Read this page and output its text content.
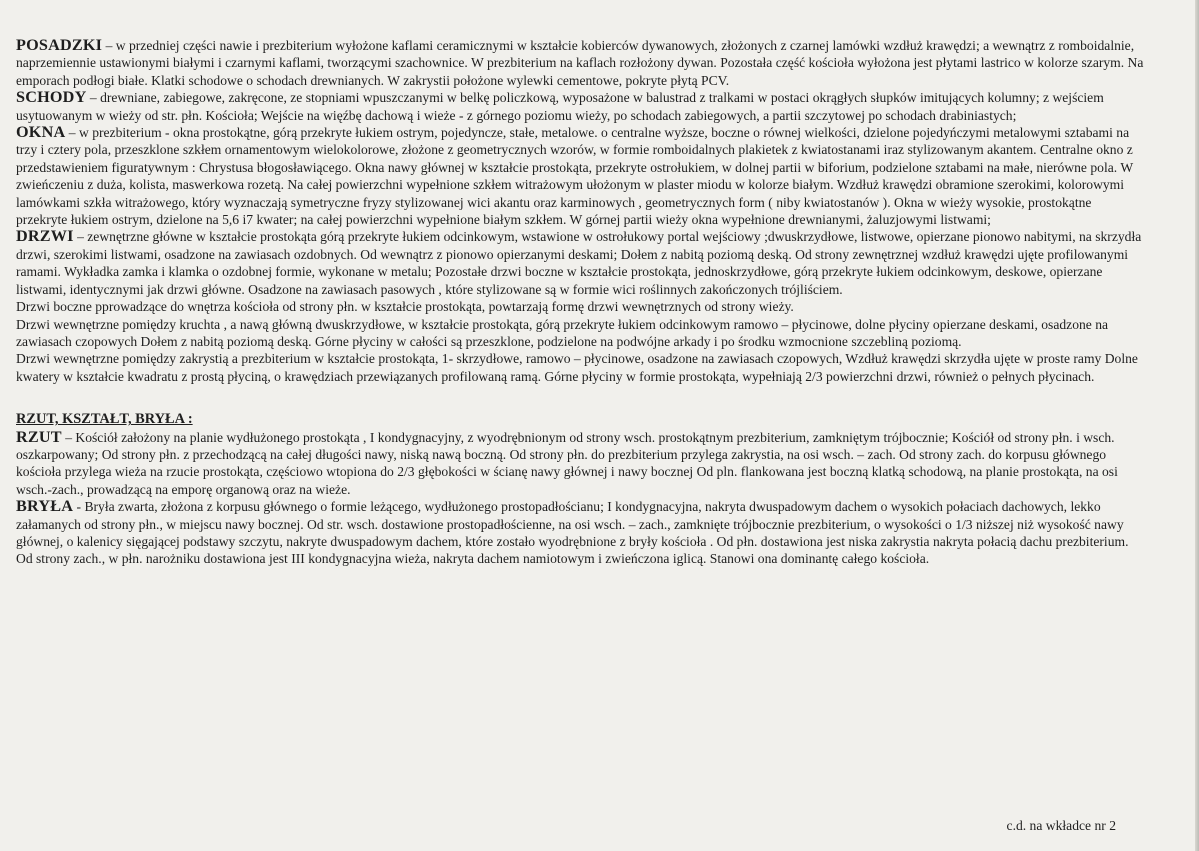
POSADZKI – w przedniej części nawie i prezbiterium wyłożone kaflami ceramicznymi w kształcie kobierców dywanowych, złożonych z czarnej lamówki wzdłuż krawędzi; a wewnątrz z romboidalnie, naprzemiennie ustawionymi białymi i czarnymi kaflami, tworzącymi szachownice. W prezbiterium na kaflach rozłożony dywan. Pozostała część kościoła wyłożona jest płytami lastrico w kolorze szarym. Na emporach podłogi białe. Klatki schodowe o schodach drewnianych. W zakrystii położone wylewki cementowe, pokryte płytą PCV.

SCHODY – drewniane, zabiegowe, zakręcone, ze stopniami wpuszczanymi w belkę policzkową, wyposażone w balustrad z tralkami w postaci okrągłych słupków imitujących kolumny; z wejściem usytuowanym w wieży od str. płn. Kościoła; Wejście na więźbę dachową i wieże - z górnego poziomu wieży, po schodach zabiegowych, a partii szczytowej po schodach drabiniastych;

OKNA – w prezbiterium - okna prostokątne, górą przekryte łukiem ostrym, pojedyncze, stałe, metalowe. o centralne wyższe, boczne o równej wielkości, dzielone pojedyńczymi metalowymi sztabami na trzy i cztery pola, przeszklone szkłem ornamentowym wielokolorowe, złożone z geometrycznych wzorów, w formie romboidalnych plakietek z kwiatostanami iraz stylizowanym akantem. Centralne okno z przedstawieniem figuratywnym : Chrystusa błogosławiącego. Okna nawy głównej w kształcie prostokąta, przekryte ostrołukiem, w dolnej partii w biforium, podzielone sztabami na małe, nierówne pola. W zwieńczeniu z duża, kolista, maswerkowa rozetą. Na całej powierzchni wypełnione szkłem witrażowym ułożonym w plaster miodu w kolorze białym. Wzdłuż krawędzi obramione szerokimi, kolorowymi lamówkami szkła witrażowego, który wyznaczają symetryczne fryzy stylizowanej wici akantu oraz karminowych , geometrycznych form ( niby kwiatostanów ). Okna w wieży wysokie, prostokątne przekryte łukiem ostrym, dzielone na 5,6 i7 kwater; na całej powierzchni wypełnione białym szkłem. W górnej partii wieży okna wypełnione drewnianymi, żaluzjowymi listwami;

DRZWI – zewnętrzne główne w kształcie prostokąta górą przekryte łukiem odcinkowym, wstawione w ostrołukowy portal wejściowy ;dwuskrzydłowe, listwowe, opierzane pionowo nabitymi, na skrzydła drzwi, szerokimi listwami, osadzone na zawiasach ozdobnych. Od wewnątrz z pionowo opierzanymi deskami; Dołem z nabitą poziomą deską. Od strony zewnętrznej wzdłuż krawędzi ujęte profilowanymi ramami. Wykładka zamka i klamka o ozdobnej formie, wykonane w metalu; Pozostałe drzwi boczne w kształcie prostokąta, jednoskrzydłowe, górą przekryte łukiem odcinkowym, deskowe, opierzane listwami, identycznymi jak drzwi główne. Osadzone na zawiasach pasowych , które stylizowane są w formie wici roślinnych zakończonych trójliściem.

Drzwi boczne pprowadzące do wnętrza kościoła od strony płn. w kształcie prostokąta, powtarzają formę drzwi wewnętrznych od strony wieży.

Drzwi wewnętrzne pomiędzy kruchta , a nawą główną dwuskrzydłowe, w kształcie prostokąta, górą przekryte łukiem odcinkowym ramowo – płycinowe, dolne płyciny opierzane deskami, osadzone na zawiasach czopowych Dołem z nabitą poziomą deską. Górne płyciny w całości są przeszklone, podzielone na podwójne arkady i po środku wzmocnione szczebliną poziomą.

Drzwi wewnętrzne pomiędzy zakrystią a prezbiterium w kształcie prostokąta, 1- skrzydłowe, ramowo – płycinowe, osadzone na zawiasach czopowych, Wzdłuż krawędzi skrzydła ujęte w proste ramy Dolne kwatery w kształcie kwadratu z prostą płyciną, o krawędziach przewiązanych profilowaną ramą. Górne płyciny w formie prostokąta, wypełniają 2/3 powierzchni drzwi, również o pełnych płycinach.

RZUT, KSZTAŁT, BRYŁA :

RZUT – Kościół założony na planie wydłużonego prostokąta , I kondygnacyjny, z wyodrębnionym od strony wsch. prostokątnym prezbiterium, zamkniętym trójbocznie; Kościół od strony płn. i wsch. oszkarpowany; Od strony płn. z przechodzącą na całej długości nawy, niską nawą boczną. Od strony płn. do prezbiterium przylega zakrystia, na osi wsch. – zach. Od strony zach. do korpusu głównego kościoła przylega wieża na rzucie prostokąta, częściowo wtopiona do 2/3 głębokości w ścianę nawy głównej i nawy bocznej Od pln. flankowana jest boczną klatką schodową, na planie prostokąta, na osi wsch.-zach., prowadzącą na emporę organową oraz na wieże.

BRYŁA - Bryła zwarta, złożona z korpusu głównego o formie leżącego, wydłużonego prostopadłościanu; I kondygnacyjna, nakryta dwuspadowym dachem o wysokich połaciach dachowych, lekko załamanych od strony płn., w miejscu nawy bocznej. Od str. wsch. dostawione prostopadłościenne, na osi wsch. – zach., zamknięte trójbocznie prezbiterium, o wysokości o 1/3 niższej niż wysokość nawy głównej, o kalenicy sięgającej podstawy szczytu, nakryte dwuspadowym dachem, które zostało wyodrębnione z bryły kościoła . Od płn. dostawiona jest niska zakrystia nakryta połacią dachu prezbiterium. Od strony zach., w płn. narożniku dostawiona jest III kondygnacyjna wieża, nakryta dachem namiotowym i zwieńczona iglicą. Stanowi ona dominantę całego kościoła.

c.d. na wkładce nr 2
